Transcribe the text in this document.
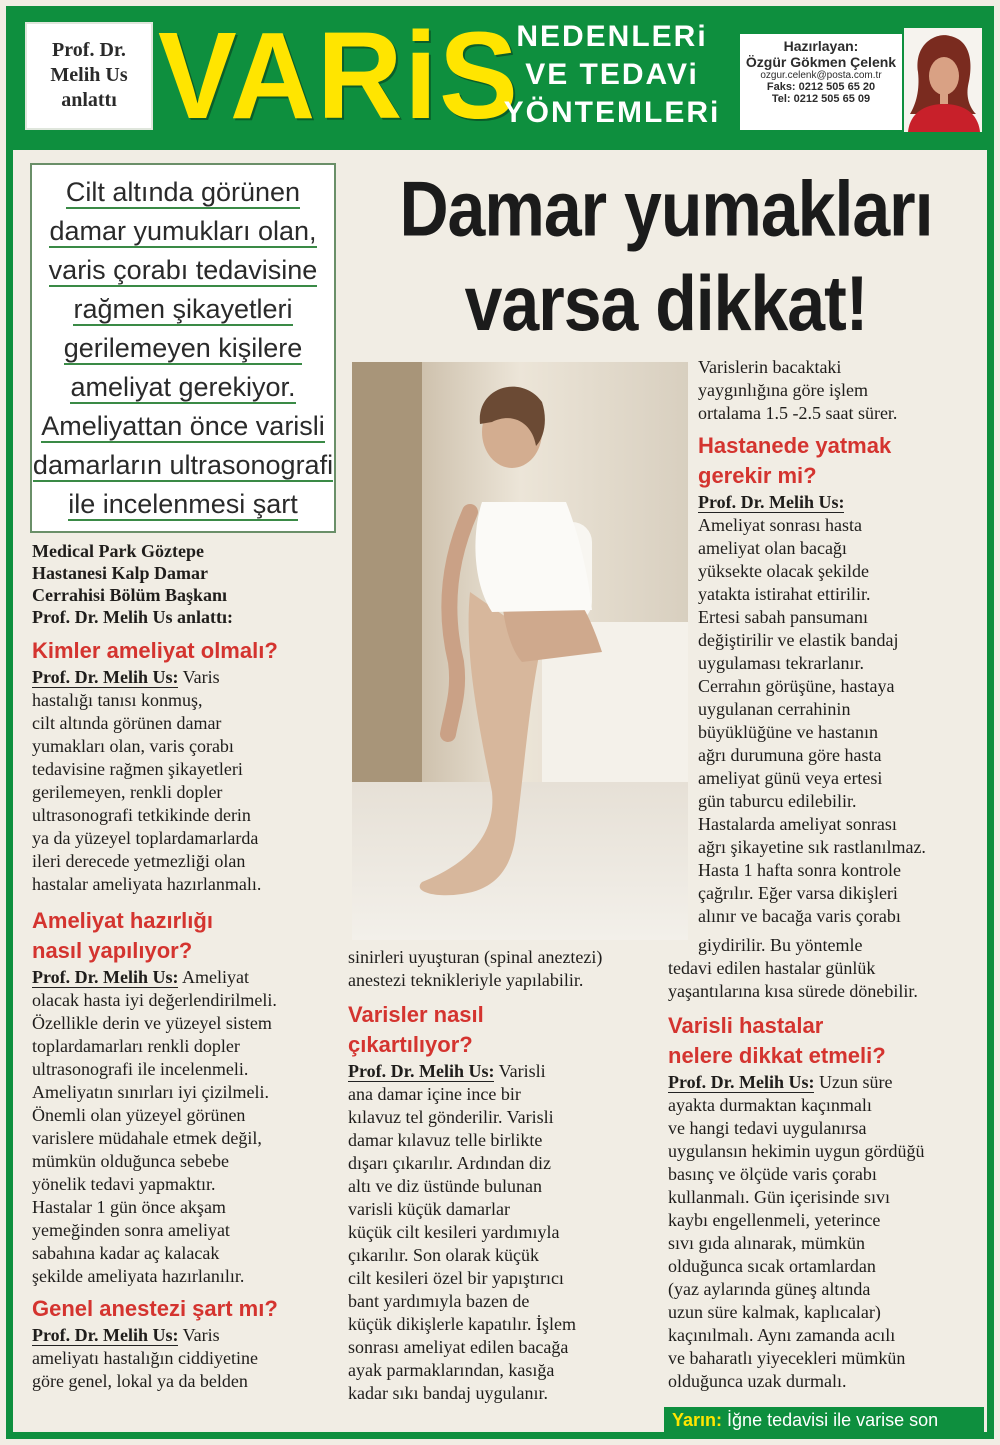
Prof. Dr.
Melih Us
anlattı VARiS
NEDENLERi
VE TEDAVi
YÖNTEMLERi
Hazırlayan:
Özgür Gökmen Çelenk
ozgur.celenk@posta.com.tr
Faks: 0212 505 65 20
Tel: 0212 505 65 09
Cilt altında görünen
damar yumukları olan,
varis çorabı tedavisine
rağmen şikayetleri
gerilemeyen kişilere
ameliyat gerekiyor.
Ameliyattan önce varisli
damarların ultrasonografi
ile incelenmesi şart
Damar yumakları
varsa dikkat!
Medical Park Göztepe
Hastanesi Kalp Damar
Cerrahisi Bölüm Başkanı
Prof. Dr. Melih Us anlattı:
Kimler ameliyat olmalı?
Prof. Dr. Melih Us: Varis
hastalığı tanısı konmuş,
cilt altında görünen damar
yumakları olan, varis çorabı
tedavisine rağmen şikayetleri
gerilemeyen, renkli dopler
ultrasonografi tetkikinde derin
ya da yüzeyel toplardamarlarda
ileri derecede yetmezliği olan
hastalar ameliyata hazırlanmalı.
Ameliyat hazırlığı
nasıl yapılıyor?
Prof. Dr. Melih Us: Ameliyat
olacak hasta iyi değerlendirilmeli.
Özellikle derin ve yüzeyel sistem
toplardamarları renkli dopler
ultrasonografi ile incelenmeli.
Ameliyatın sınırları iyi çizilmeli.
Önemli olan yüzeyel görünen
varislere müdahale etmek değil,
mümkün olduğunca sebebe
yönelik tedavi yapmaktır.
Hastalar 1 gün önce akşam
yemeğinden sonra ameliyat
sabahına kadar aç kalacak
şekilde ameliyata hazırlanılır.
Genel anestezi şart mı?
Prof. Dr. Melih Us: Varis
ameliyatı hastalığın ciddiyetine
göre genel, lokal ya da belden
sinirleri uyuşturan (spinal aneztezi)
anestezi teknikleriyle yapılabilir.
Varisler nasıl
çıkartılıyor?
Prof. Dr. Melih Us: Varisli
ana damar içine ince bir
kılavuz tel gönderilir. Varisli
damar kılavuz telle birlikte
dışarı çıkarılır. Ardından diz
altı ve diz üstünde bulunan
varisli küçük damarlar
küçük cilt kesileri yardımıyla
çıkarılır. Son olarak küçük
cilt kesileri özel bir yapıştırıcı
bant yardımıyla bazen de
küçük dikişlerle kapatılır. İşlem
sonrası ameliyat edilen bacağa
ayak parmaklarından, kasığa
kadar sıkı bandaj uygulanır.
Varislerin bacaktaki
yaygınlığına göre işlem
ortalama 1.5 -2.5 saat sürer.
Hastanede yatmak
gerekir mi?
Prof. Dr. Melih Us:
Ameliyat sonrası hasta
ameliyat olan bacağı
yüksekte olacak şekilde
yatakta istirahat ettirilir.
Ertesi sabah pansumanı
değiştirilir ve elastik bandaj
uygulaması tekrarlanır.
Cerrahın görüşüne, hastaya
uygulanan cerrahinin
büyüklüğüne ve hastanın
ağrı durumuna göre hasta
ameliyat günü veya ertesi
gün taburcu edilebilir.
Hastalarda ameliyat sonrası
ağrı şikayetine sık rastlanılmaz.
Hasta 1 hafta sonra kontrole
çağrılır. Eğer varsa dikişleri
alınır ve bacağa varis çorabı
giydirilir. Bu yöntemle
tedavi edilen hastalar günlük
yaşantılarına kısa sürede dönebilir.
Varisli hastalar
nelere dikkat etmeli?
Prof. Dr. Melih Us: Uzun süre
ayakta durmaktan kaçınmalı
ve hangi tedavi uygulanırsa
uygulansın hekimin uygun gördüğü
basınç ve ölçüde varis çorabı
kullanmalı. Gün içerisinde sıvı
kaybı engellenmeli, yeterince
sıvı gıda alınarak, mümkün
olduğunca sıcak ortamlardan
(yaz aylarında güneş altında
uzun süre kalmak, kaplıcalar)
kaçınılmalı. Aynı zamanda acılı
ve baharatlı yiyecekleri mümkün
olduğunca uzak durmalı.
Yarın: İğne tedavisi ile varise son
